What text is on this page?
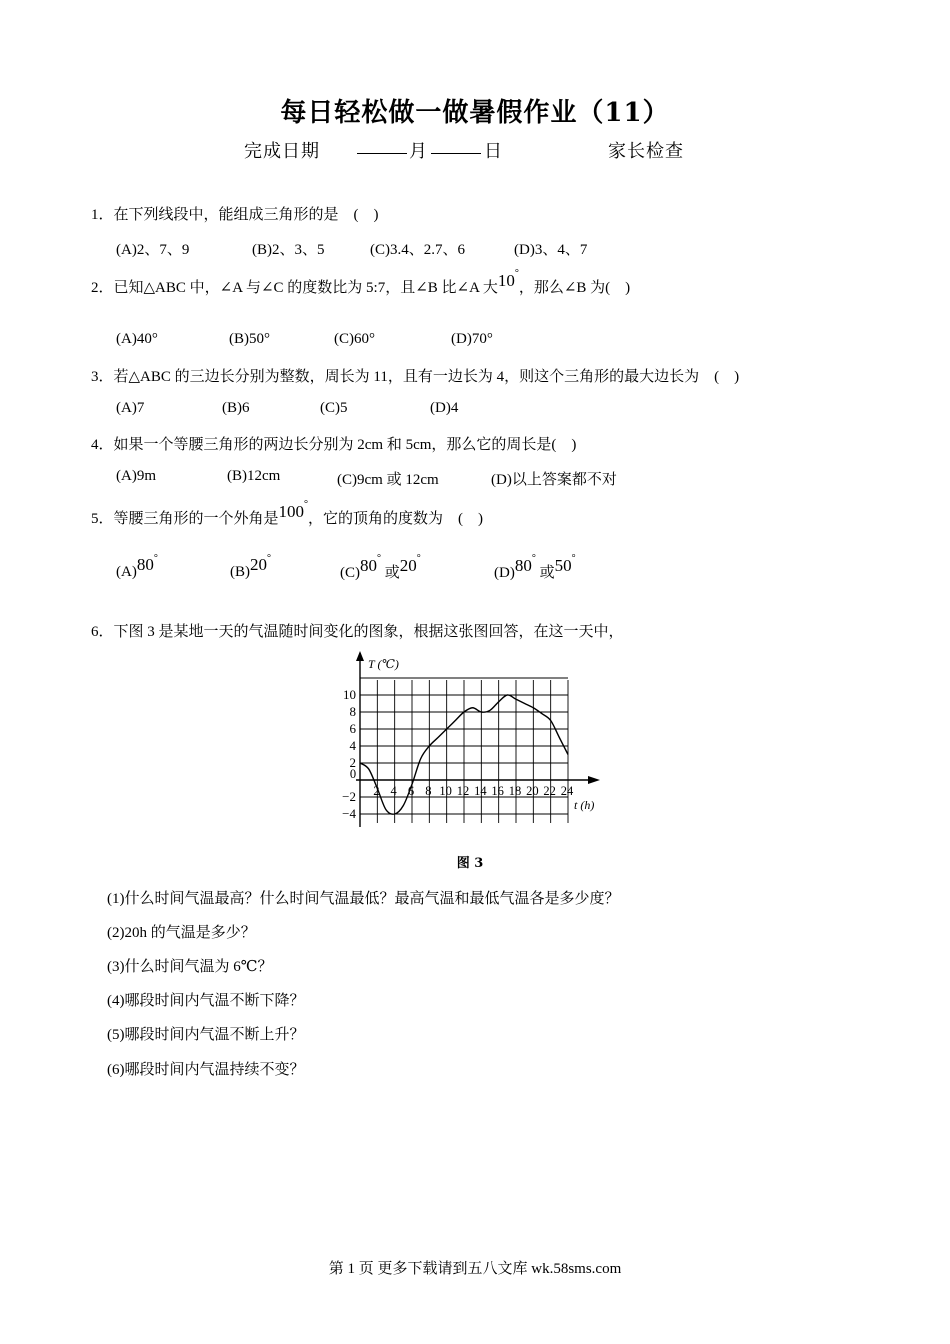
每日轻松做一做暑假作业（11）
完成日期	月	日	家长检查
1．在下列线段中，能组成三角形的是　(　)
(A)2、7、9	(B)2、3、5	(C)3.4、2.7、6	(D)3、4、7
2．已知△ABC 中，∠A 与∠C 的度数比为 5:7，且∠B 比∠A 大10°，那么∠B 为(　)
(A)40°	(B)50°	(C)60°	(D)70°
3．若△ABC 的三边长分别为整数，周长为 11，且有一边长为 4，则这个三角形的最大边长为　(　)
(A)7	(B)6	(C)5	(D)4
4．如果一个等腰三角形的两边长分别为 2cm 和 5cm，那么它的周长是(　)
(A)9m	(B)12cm	(C)9cm 或 12cm	(D)以上答案都不对
5．等腰三角形的一个外角是100°，它的顶角的度数为　(　)
(A)80°
(B)20°
(C)80° 或20°
(D)80° 或50°
6．下图 3 是某地一天的气温随时间变化的图象，根据这张图回答，在这一天中，
10
8
6
4
2
−2
−4
0
2 4 6 8 10 12 14 16 18 20 22 24
T (℃)
t (h)
图 3
(1)什么时间气温最高？什么时间气温最低？最高气温和最低气温各是多少度？
(2)20h 的气温是多少？
(3)什么时间气温为 6℃？
(4)哪段时间内气温不断下降？
(5)哪段时间内气温不断上升？
(6)哪段时间内气温持续不变？
第 1 页 更多下载请到五八文库 wk.58sms.com
